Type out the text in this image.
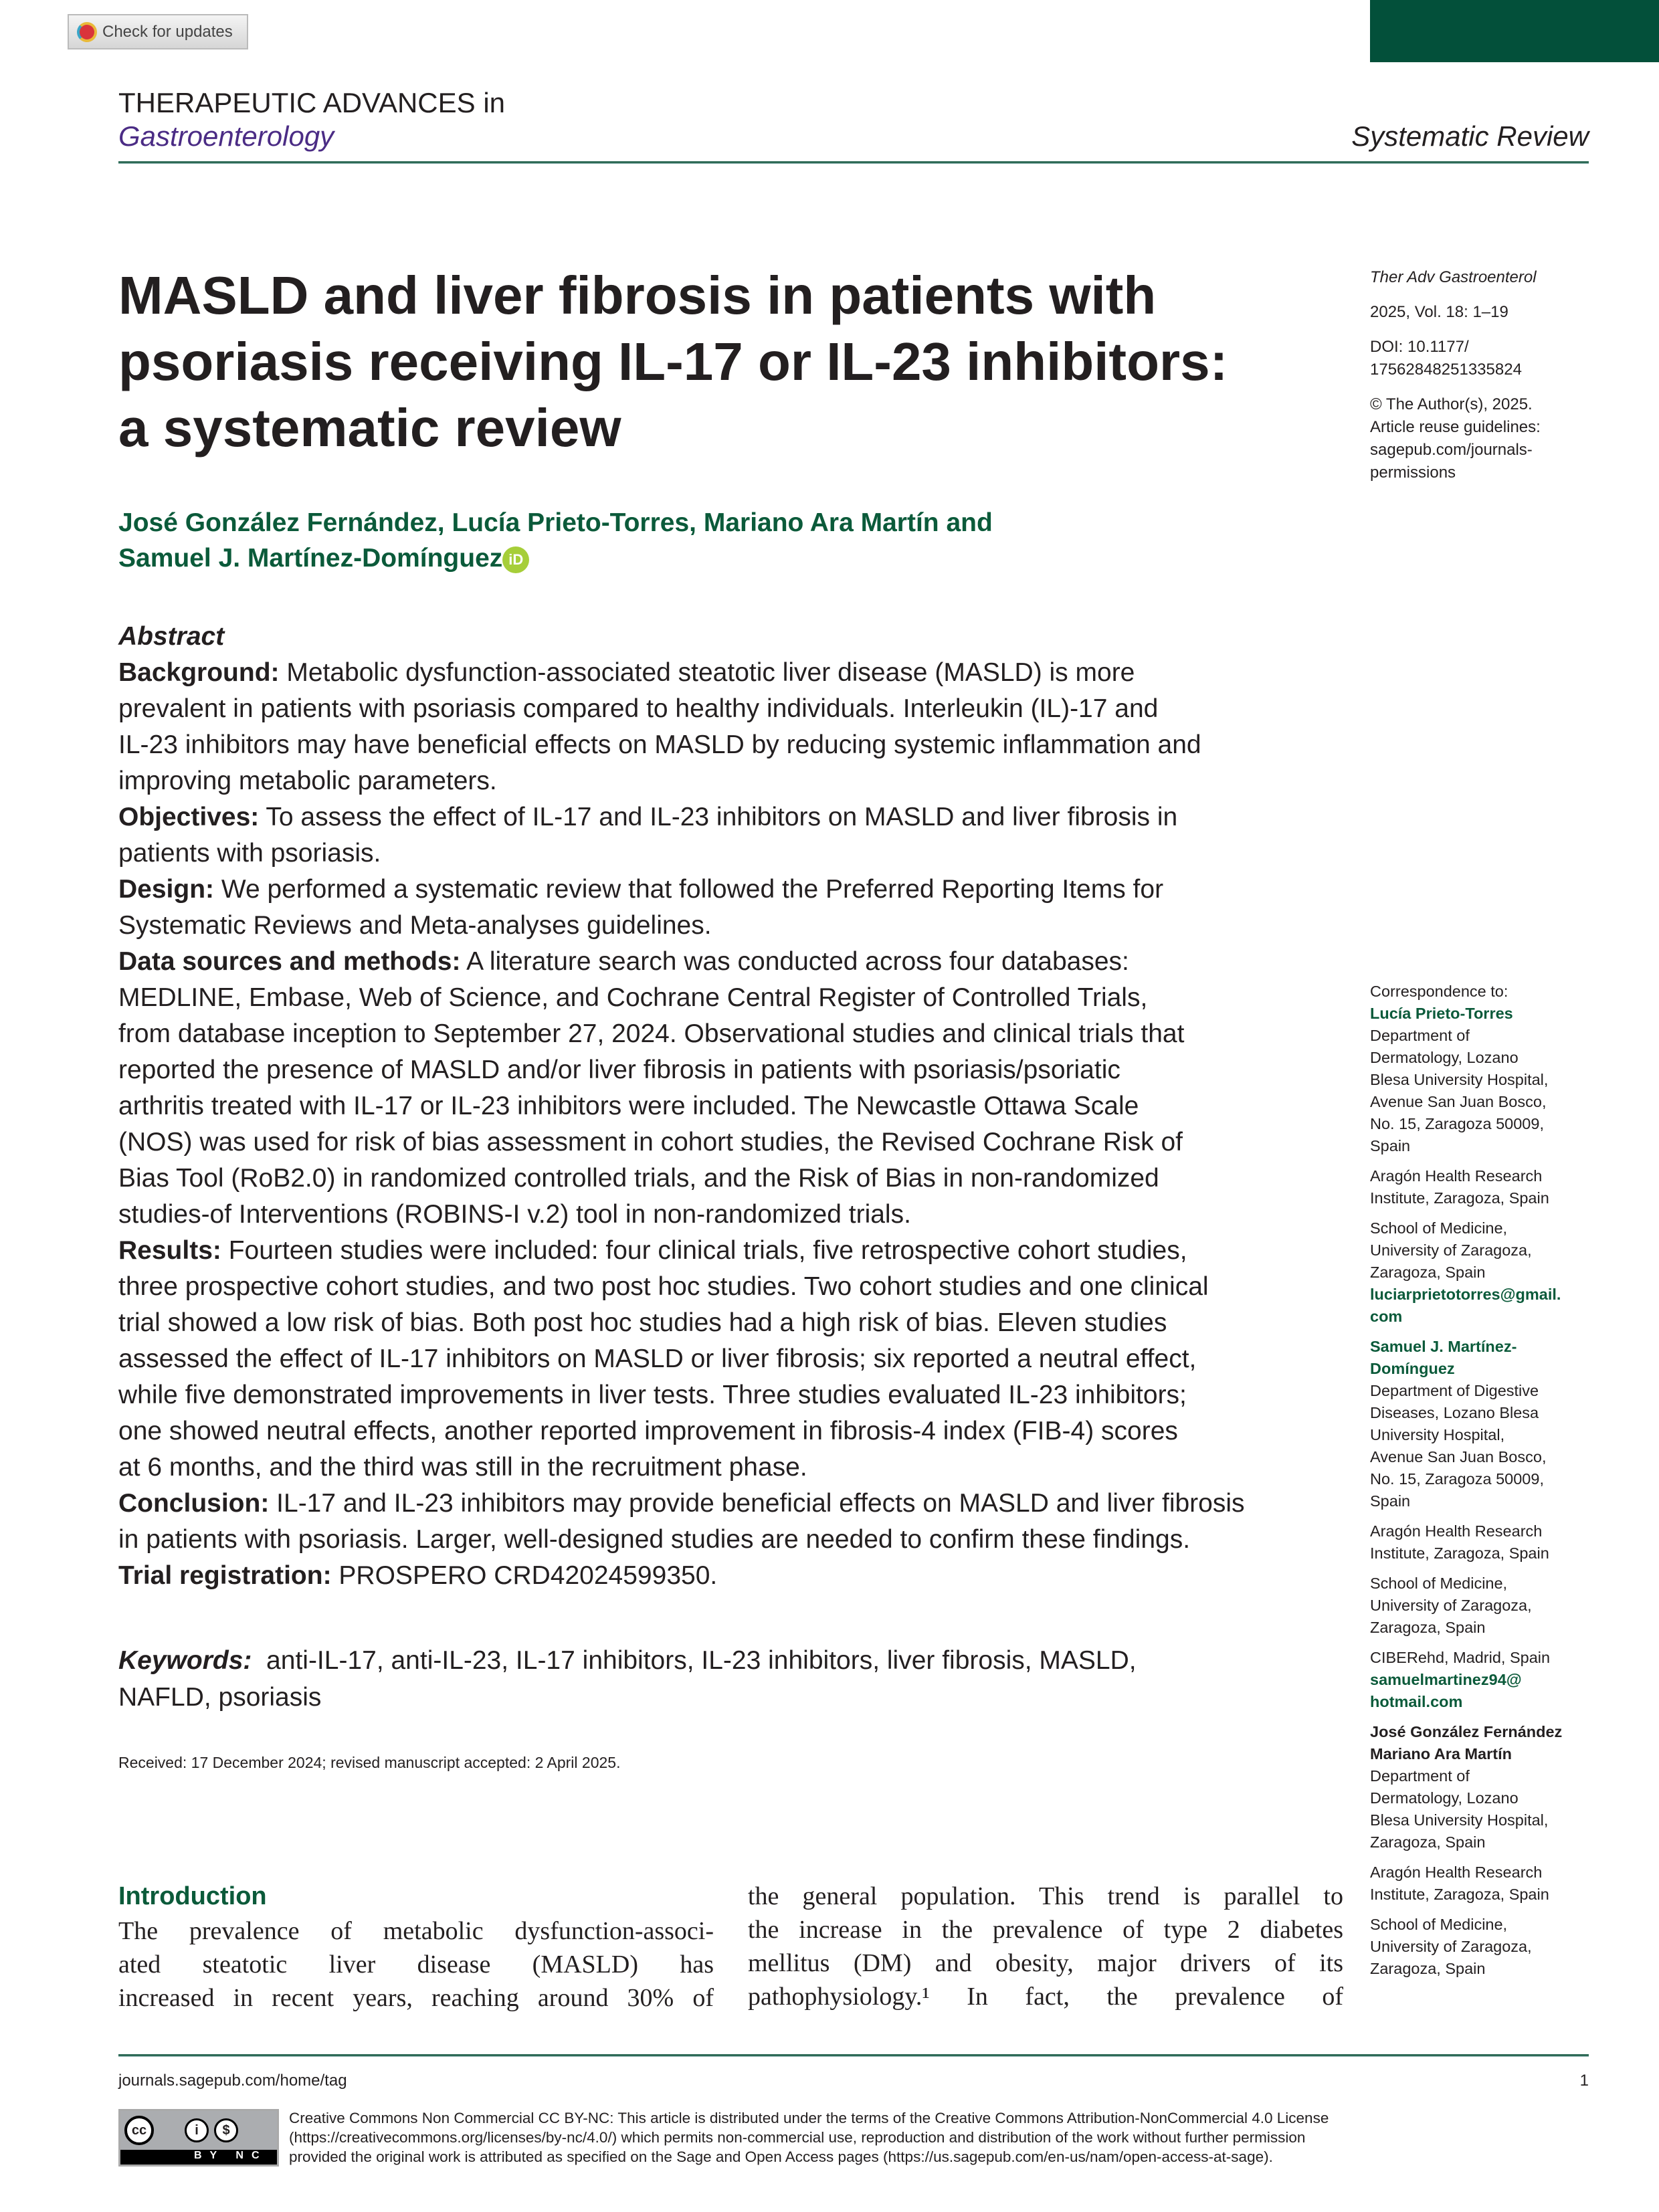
Check for updates
THERAPEUTIC ADVANCES in
Gastroenterology	Systematic Review
MASLD and liver fibrosis in patients with
psoriasis receiving IL-17 or IL-23 inhibitors:
a systematic review
José González Fernández, Lucía Prieto-Torres, Mariano Ara Martín and
Samuel J. Martínez-Domínguez iD
Ther Adv Gastroenterol
2025, Vol. 18: 1–19
DOI: 10.1177/
17562848251335824
© The Author(s), 2025.
Article reuse guidelines:
sagepub.com/journals-
permissions
Abstract
Background: Metabolic dysfunction-associated steatotic liver disease (MASLD) is more
prevalent in patients with psoriasis compared to healthy individuals. Interleukin (IL)-17 and
IL-23 inhibitors may have beneficial effects on MASLD by reducing systemic inflammation and
improving metabolic parameters.
Objectives: To assess the effect of IL-17 and IL-23 inhibitors on MASLD and liver fibrosis in
patients with psoriasis.
Design: We performed a systematic review that followed the Preferred Reporting Items for
Systematic Reviews and Meta-analyses guidelines.
Data sources and methods: A literature search was conducted across four databases:
MEDLINE, Embase, Web of Science, and Cochrane Central Register of Controlled Trials,
from database inception to September 27, 2024. Observational studies and clinical trials that
reported the presence of MASLD and/or liver fibrosis in patients with psoriasis/psoriatic
arthritis treated with IL-17 or IL-23 inhibitors were included. The Newcastle Ottawa Scale
(NOS) was used for risk of bias assessment in cohort studies, the Revised Cochrane Risk of
Bias Tool (RoB2.0) in randomized controlled trials, and the Risk of Bias in non-randomized
studies-of Interventions (ROBINS-I v.2) tool in non-randomized trials.
Results: Fourteen studies were included: four clinical trials, five retrospective cohort studies,
three prospective cohort studies, and two post hoc studies. Two cohort studies and one clinical
trial showed a low risk of bias. Both post hoc studies had a high risk of bias. Eleven studies
assessed the effect of IL-17 inhibitors on MASLD or liver fibrosis; six reported a neutral effect,
while five demonstrated improvements in liver tests. Three studies evaluated IL-23 inhibitors;
one showed neutral effects, another reported improvement in fibrosis-4 index (FIB-4) scores
at 6 months, and the third was still in the recruitment phase.
Conclusion: IL-17 and IL-23 inhibitors may provide beneficial effects on MASLD and liver fibrosis
in patients with psoriasis. Larger, well-designed studies are needed to confirm these findings.
Trial registration: PROSPERO CRD42024599350.
Keywords:  anti-IL-17, anti-IL-23, IL-17 inhibitors, IL-23 inhibitors, liver fibrosis, MASLD,
NAFLD, psoriasis
Received: 17 December 2024; revised manuscript accepted: 2 April 2025.
Introduction
The prevalence of metabolic dysfunction-associ-
ated steatotic liver disease (MASLD) has
increased in recent years, reaching around 30% of
the general population. This trend is parallel to
the increase in the prevalence of type 2 diabetes
mellitus (DM) and obesity, major drivers of its
pathophysiology.¹ In fact, the prevalence of
Correspondence to:
Lucía Prieto-Torres
Department of
Dermatology, Lozano
Blesa University Hospital,
Avenue San Juan Bosco,
No. 15, Zaragoza 50009,
Spain
Aragón Health Research
Institute, Zaragoza, Spain
School of Medicine,
University of Zaragoza,
Zaragoza, Spain
luciarprietotorres@gmail.
com
Samuel J. Martínez-
Domínguez
Department of Digestive
Diseases, Lozano Blesa
University Hospital,
Avenue San Juan Bosco,
No. 15, Zaragoza 50009,
Spain
Aragón Health Research
Institute, Zaragoza, Spain
School of Medicine,
University of Zaragoza,
Zaragoza, Spain
CIBERehd, Madrid, Spain
samuelmartinez94@
hotmail.com
José González Fernández
Mariano Ara Martín
Department of
Dermatology, Lozano
Blesa University Hospital,
Zaragoza, Spain
Aragón Health Research
Institute, Zaragoza, Spain
School of Medicine,
University of Zaragoza,
Zaragoza, Spain
journals.sagepub.com/home/tag	1
cc	i	$
BY NC
Creative Commons Non Commercial CC BY-NC: This article is distributed under the terms of the Creative Commons Attribution-NonCommercial 4.0 License
(https://creativecommons.org/licenses/by-nc/4.0/) which permits non-commercial use, reproduction and distribution of the work without further permission
provided the original work is attributed as specified on the Sage and Open Access pages (https://us.sagepub.com/en-us/nam/open-access-at-sage).
